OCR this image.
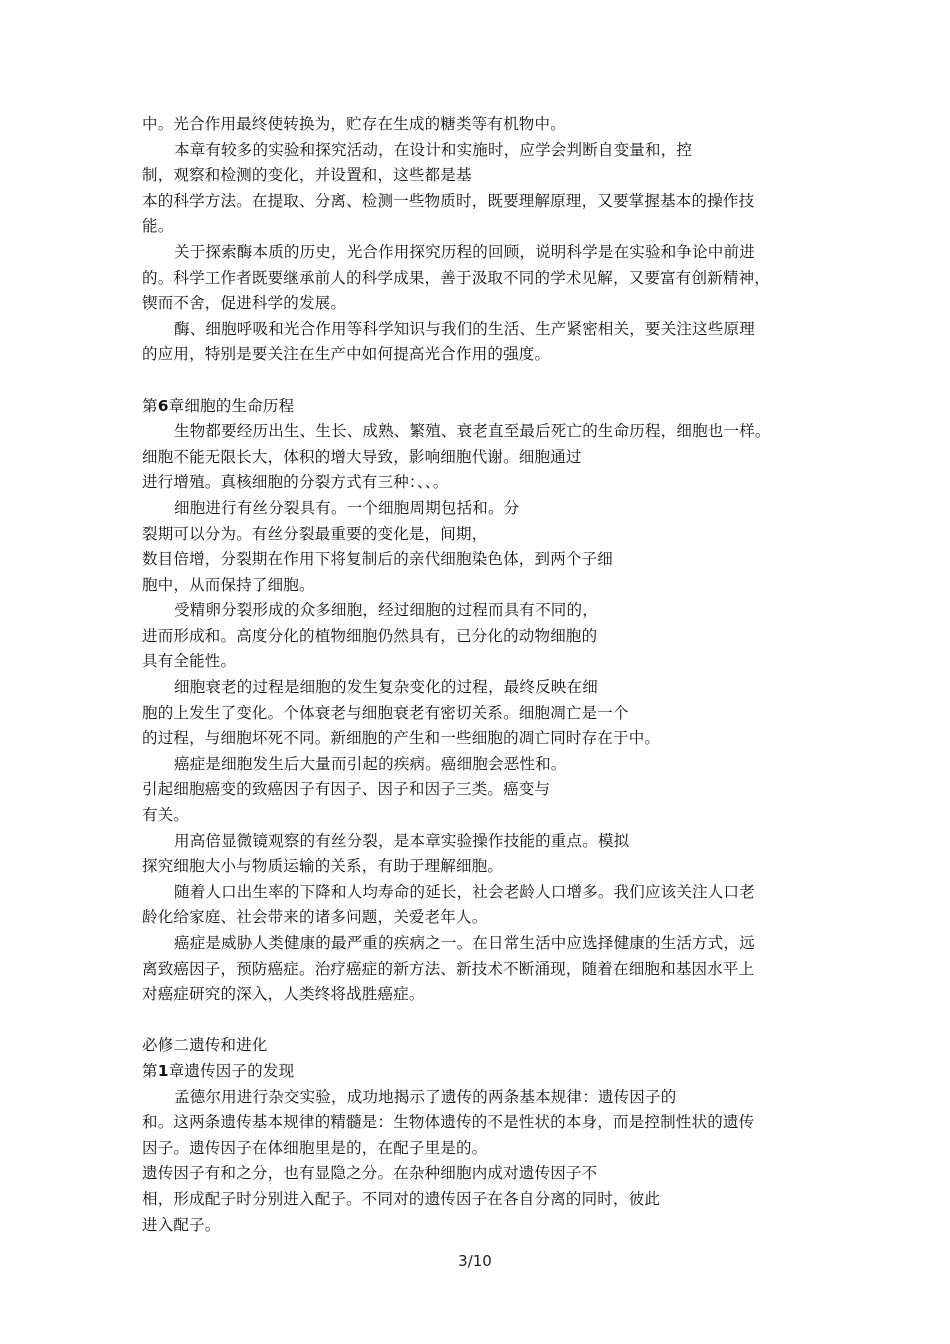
中。光合作用最终使转换为，贮存在生成的糖类等有机物中。
本章有较多的实验和探究活动，在设计和实施时，应学会判断自变量和，控
制，观察和检测的变化，并设置和，这些都是基
本的科学方法。在提取、分离、检测一些物质时，既要理解原理，又要掌握基本的操作技
能。
关于探索酶本质的历史，光合作用探究历程的回顾，说明科学是在实验和争论中前进
的。科学工作者既要继承前人的科学成果，善于汲取不同的学术见解，又要富有创新精神，
锲而不舍，促进科学的发展。
酶、细胞呼吸和光合作用等科学知识与我们的生活、生产紧密相关，要关注这些原理
的应用，特别是要关注在生产中如何提高光合作用的强度。
第6章细胞的生命历程
生物都要经历出生、生长、成熟、繁殖、衰老直至最后死亡的生命历程，细胞也一样。
细胞不能无限长大，体积的增大导致，影响细胞代谢。细胞通过
进行增殖。真核细胞的分裂方式有三种：、、。
细胞进行有丝分裂具有。一个细胞周期包括和。分
裂期可以分为。有丝分裂最重要的变化是，间期，
数目倍增，分裂期在作用下将复制后的亲代细胞染色体，到两个子细
胞中，从而保持了细胞。
受精卵分裂形成的众多细胞，经过细胞的过程而具有不同的，
进而形成和。高度分化的植物细胞仍然具有，已分化的动物细胞的
具有全能性。
细胞衰老的过程是细胞的发生复杂变化的过程，最终反映在细
胞的上发生了变化。个体衰老与细胞衰老有密切关系。细胞凋亡是一个
的过程，与细胞坏死不同。新细胞的产生和一些细胞的凋亡同时存在于中。
癌症是细胞发生后大量而引起的疾病。癌细胞会恶性和。
引起细胞癌变的致癌因子有因子、因子和因子三类。癌变与
有关。
用高倍显微镜观察的有丝分裂，是本章实验操作技能的重点。模拟
探究细胞大小与物质运输的关系，有助于理解细胞。
随着人口出生率的下降和人均寿命的延长，社会老龄人口增多。我们应该关注人口老
龄化给家庭、社会带来的诸多问题，关爱老年人。
癌症是威胁人类健康的最严重的疾病之一。在日常生活中应选择健康的生活方式，远
离致癌因子，预防癌症。治疗癌症的新方法、新技术不断涌现，随着在细胞和基因水平上
对癌症研究的深入，人类终将战胜癌症。
必修二遗传和进化
第1章遗传因子的发现
孟德尔用进行杂交实验，成功地揭示了遗传的两条基本规律：遗传因子的
和。这两条遗传基本规律的精髓是：生物体遗传的不是性状的本身，而是控制性状的遗传
因子。遗传因子在体细胞里是的，在配子里是的。
遗传因子有和之分，也有显隐之分。在杂种细胞内成对遗传因子不
相，形成配子时分别进入配子。不同对的遗传因子在各自分离的同时，彼此
进入配子。
3/10
